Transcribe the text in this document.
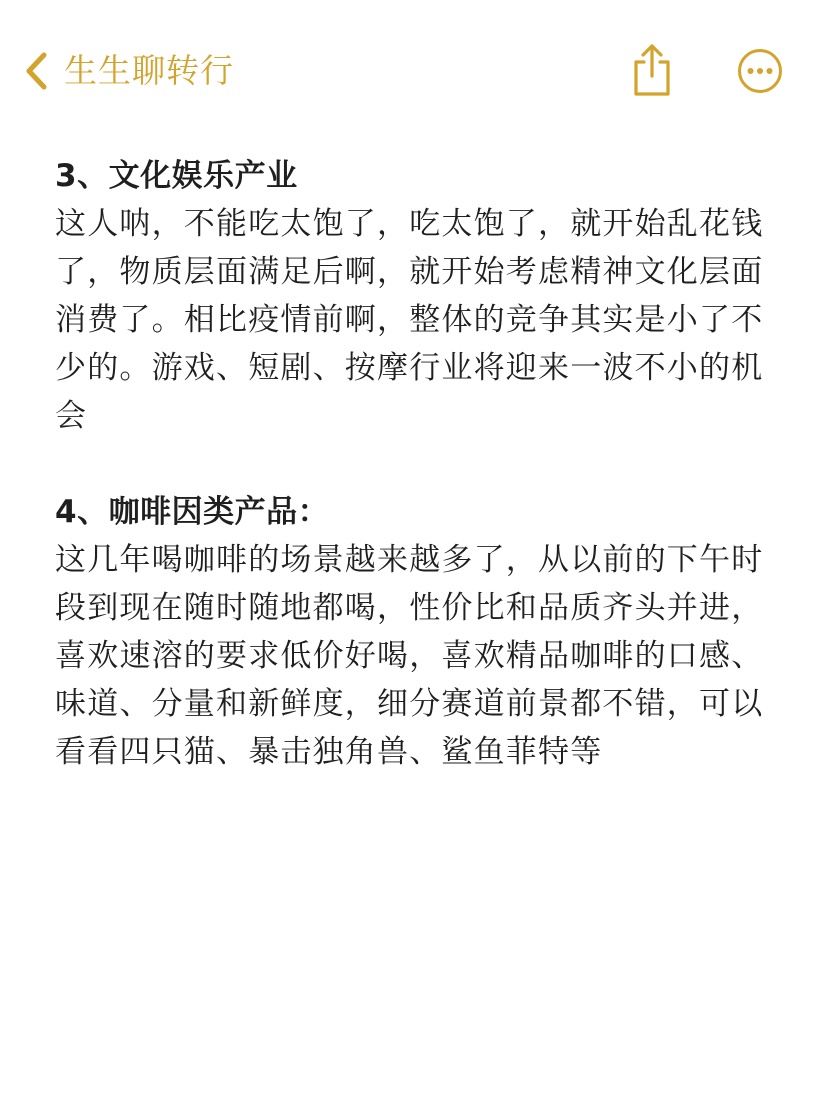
生生聊转行
3、文化娱乐产业
这人呐，不能吃太饱了，吃太饱了，就开始乱花钱了，物质层面满足后啊，就开始考虑精神文化层面消费了。相比疫情前啊，整体的竞争其实是小了不少的。游戏、短剧、按摩行业将迎来一波不小的机会
4、咖啡因类产品：
这几年喝咖啡的场景越来越多了，从以前的下午时段到现在随时随地都喝，性价比和品质齐头并进，喜欢速溶的要求低价好喝，喜欢精品咖啡的口感、味道、分量和新鲜度，细分赛道前景都不错，可以看看四只猫、暴击独角兽、鲨鱼菲特等
